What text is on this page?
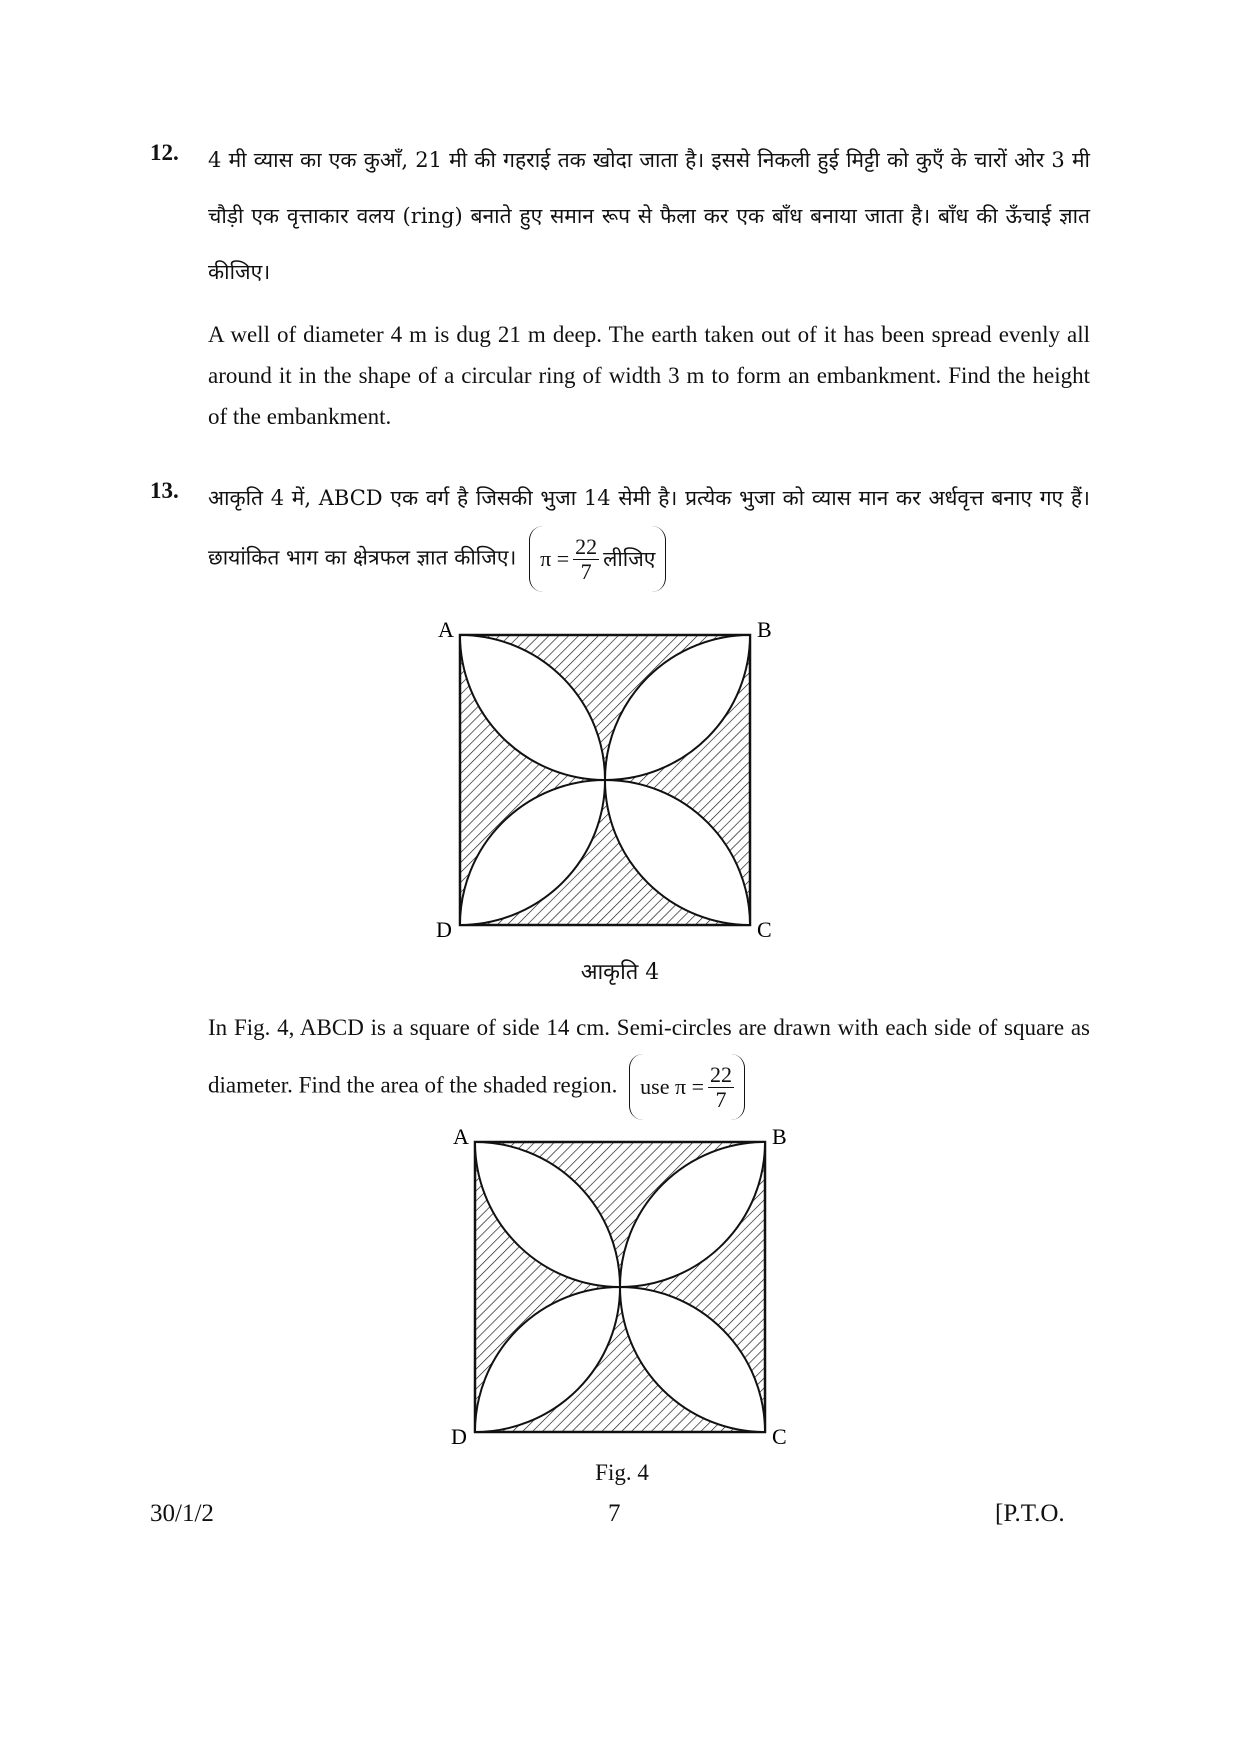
12. 4 मी व्यास का एक कुआँ, 21 मी की गहराई तक खोदा जाता है। इससे निकली हुई मिट्टी को कुएँ के चारों ओर 3 मी चौड़ी एक वृत्ताकार वलय (ring) बनाते हुए समान रूप से फैला कर एक बाँध बनाया जाता है। बाँध की ऊँचाई ज्ञात कीजिए।

A well of diameter 4 m is dug 21 m deep. The earth taken out of it has been spread evenly all around it in the shape of a circular ring of width 3 m to form an embankment. Find the height of the embankment.

13. आकृति 4 में, ABCD एक वर्ग है जिसकी भुजा 14 सेमी है। प्रत्येक भुजा को व्यास मान कर अर्धवृत्त बनाए गए हैं। छायांकित भाग का क्षेत्रफल ज्ञात कीजिए। $\pi = \frac{22}{7}$ लीजिए

A	B
C
D
आकृति 4

In Fig. 4, ABCD is a square of side 14 cm. Semi-circles are drawn with each side of square as diameter. Find the area of the shaded region. use $\pi = \frac{22}{7}$

A	B
C
D
Fig. 4
30/1/2	7	[P.T.O.
